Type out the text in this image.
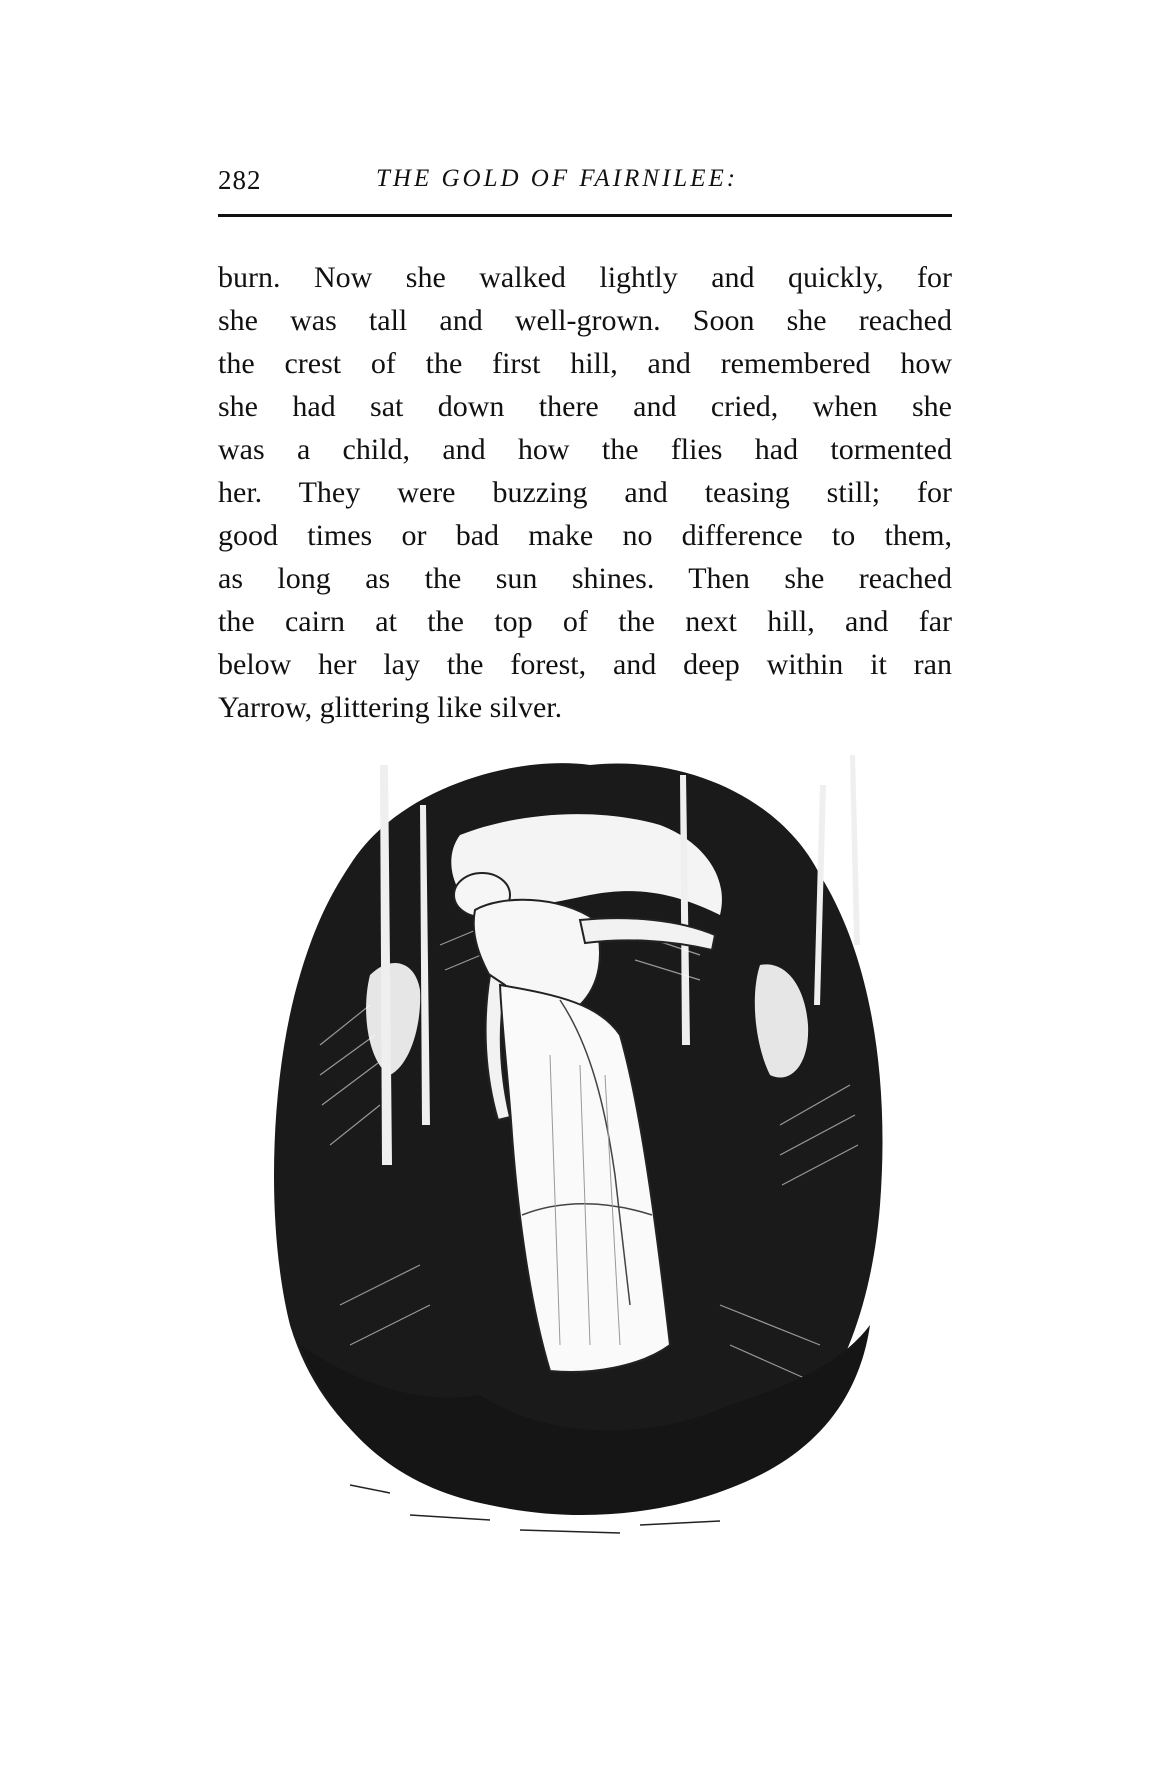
282	THE GOLD OF FAIRNILEE:
burn. Now she walked lightly and quickly, for
she was tall and well-grown. Soon she reached
the crest of the first hill, and remembered how
she had sat down there and cried, when she
was a child, and how the flies had tormented
her. They were buzzing and teasing still; for
good times or bad make no difference to them,
as long as the sun shines. Then she reached
the cairn at the top of the next hill, and far
below her lay the forest, and deep within it ran
Yarrow, glittering like silver.
